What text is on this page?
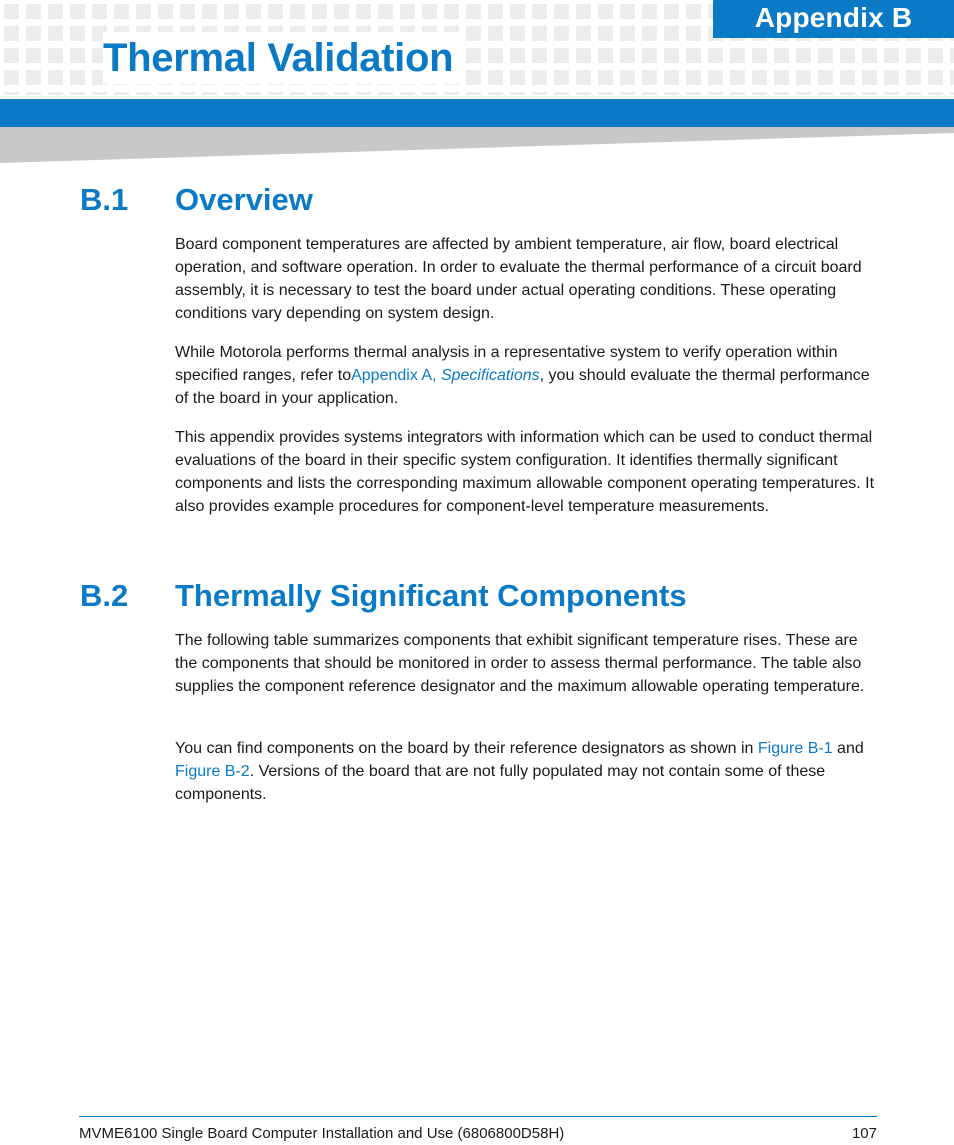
Appendix B
Thermal Validation
B.1 Overview

Board component temperatures are affected by ambient temperature, air flow, board electrical operation, and software operation. In order to evaluate the thermal performance of a circuit board assembly, it is necessary to test the board under actual operating conditions. These operating conditions vary depending on system design.

While Motorola performs thermal analysis in a representative system to verify operation within specified ranges, refer toAppendix A, Specifications, you should evaluate the thermal performance of the board in your application.

This appendix provides systems integrators with information which can be used to conduct thermal evaluations of the board in their specific system configuration. It identifies thermally significant components and lists the corresponding maximum allowable component operating temperatures. It also provides example procedures for component-level temperature measurements.

B.2 Thermally Significant Components

The following table summarizes components that exhibit significant temperature rises. These are the components that should be monitored in order to assess thermal performance. The table also supplies the component reference designator and the maximum allowable operating temperature.

You can find components on the board by their reference designators as shown in Figure B-1 and Figure B-2. Versions of the board that are not fully populated may not contain some of these components.

MVME6100 Single Board Computer Installation and Use (6806800D58H)	107
